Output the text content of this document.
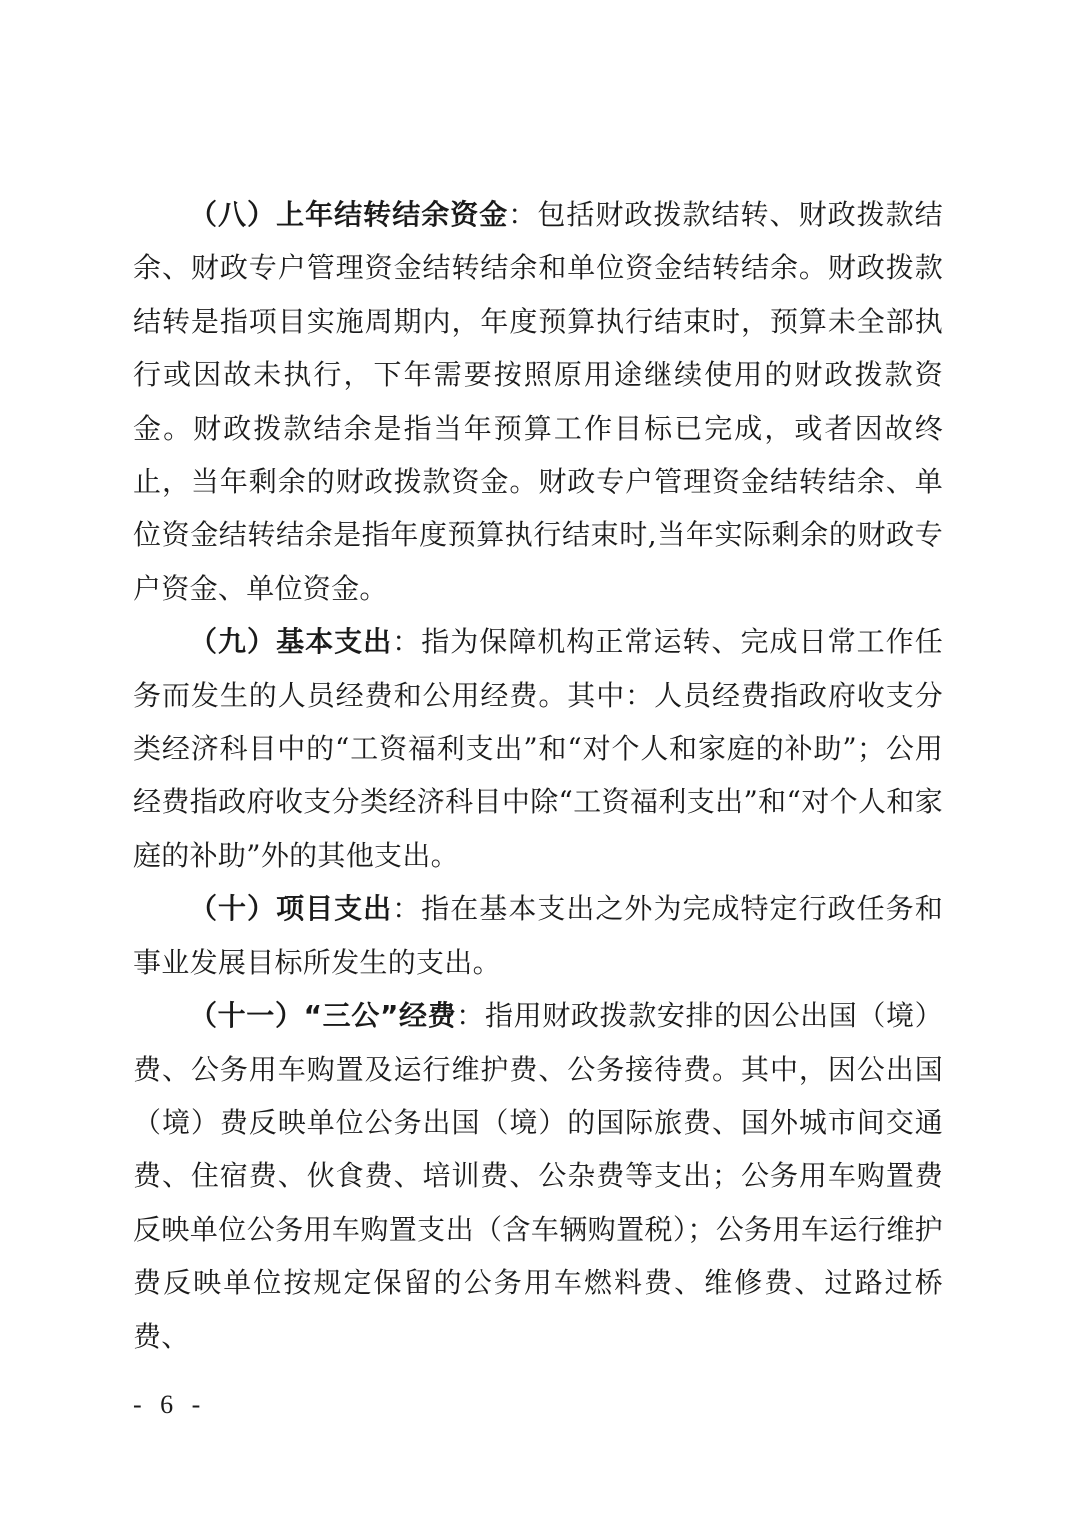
（八）上年结转结余资金：包括财政拨款结转、财政拨款结余、财政专户管理资金结转结余和单位资金结转结余。财政拨款结转是指项目实施周期内，年度预算执行结束时，预算未全部执行或因故未执行，下年需要按照原用途继续使用的财政拨款资金。财政拨款结余是指当年预算工作目标已完成，或者因故终止，当年剩余的财政拨款资金。财政专户管理资金结转结余、单位资金结转结余是指年度预算执行结束时,当年实际剩余的财政专户资金、单位资金。

（九）基本支出：指为保障机构正常运转、完成日常工作任务而发生的人员经费和公用经费。其中：人员经费指政府收支分类经济科目中的“工资福利支出”和“对个人和家庭的补助”；公用经费指政府收支分类经济科目中除“工资福利支出”和“对个人和家庭的补助”外的其他支出。

（十）项目支出：指在基本支出之外为完成特定行政任务和事业发展目标所发生的支出。

（十一）“三公”经费：指用财政拨款安排的因公出国（境）费、公务用车购置及运行维护费、公务接待费。其中，因公出国（境）费反映单位公务出国（境）的国际旅费、国外城市间交通费、住宿费、伙食费、培训费、公杂费等支出；公务用车购置费反映单位公务用车购置支出（含车辆购置税）；公务用车运行维护费反映单位按规定保留的公务用车燃料费、维修费、过路过桥费、

- 6 -
